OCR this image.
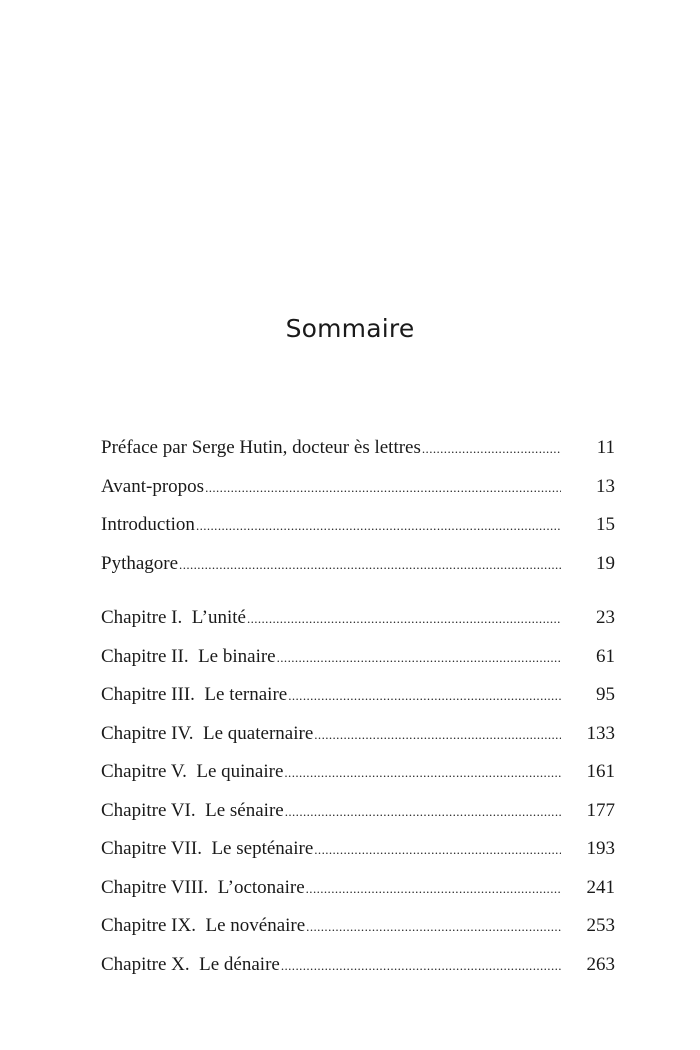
Sommaire
Préface par Serge Hutin, docteur ès lettres .....	11
Avant-propos .....	13
Introduction .....	15
Pythagore .....	19
Chapitre I.  L’unité .....	23
Chapitre II.  Le binaire .....	61
Chapitre III.  Le ternaire .....	95
Chapitre IV.  Le quaternaire .....	133
Chapitre V.  Le quinaire .....	161
Chapitre VI.  Le sénaire .....	177
Chapitre VII.  Le septénaire .....	193
Chapitre VIII.  L’octonaire .....	241
Chapitre IX.  Le novénaire .....	253
Chapitre X.  Le dénaire .....	263
